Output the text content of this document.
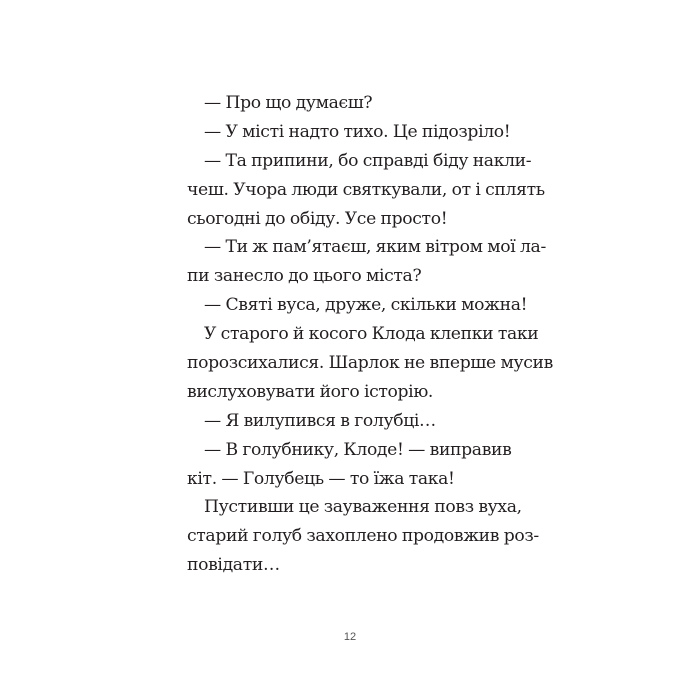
— Про що думаєш?
— У місті надто тихо. Це підозріло!
— Та припини, бо справді біду накли-
чеш. Учора люди святкували, от і сплять
сьогодні до обіду. Усе просто!
— Ти ж пам’ятаєш, яким вітром мої ла-
пи занесло до цього міста?
— Святі вуса, друже, скільки можна!
У старого й косого Клода клепки таки
порозсихалися. Шарлок не вперше мусив
вислуховувати його історію.
— Я вилупився в голубці…
— В голубнику, Клоде! — виправив
кіт. — Голубець — то їжа така!
Пустивши це зауваження повз вуха,
старий голуб захоплено продовжив роз-
повідати…
12
